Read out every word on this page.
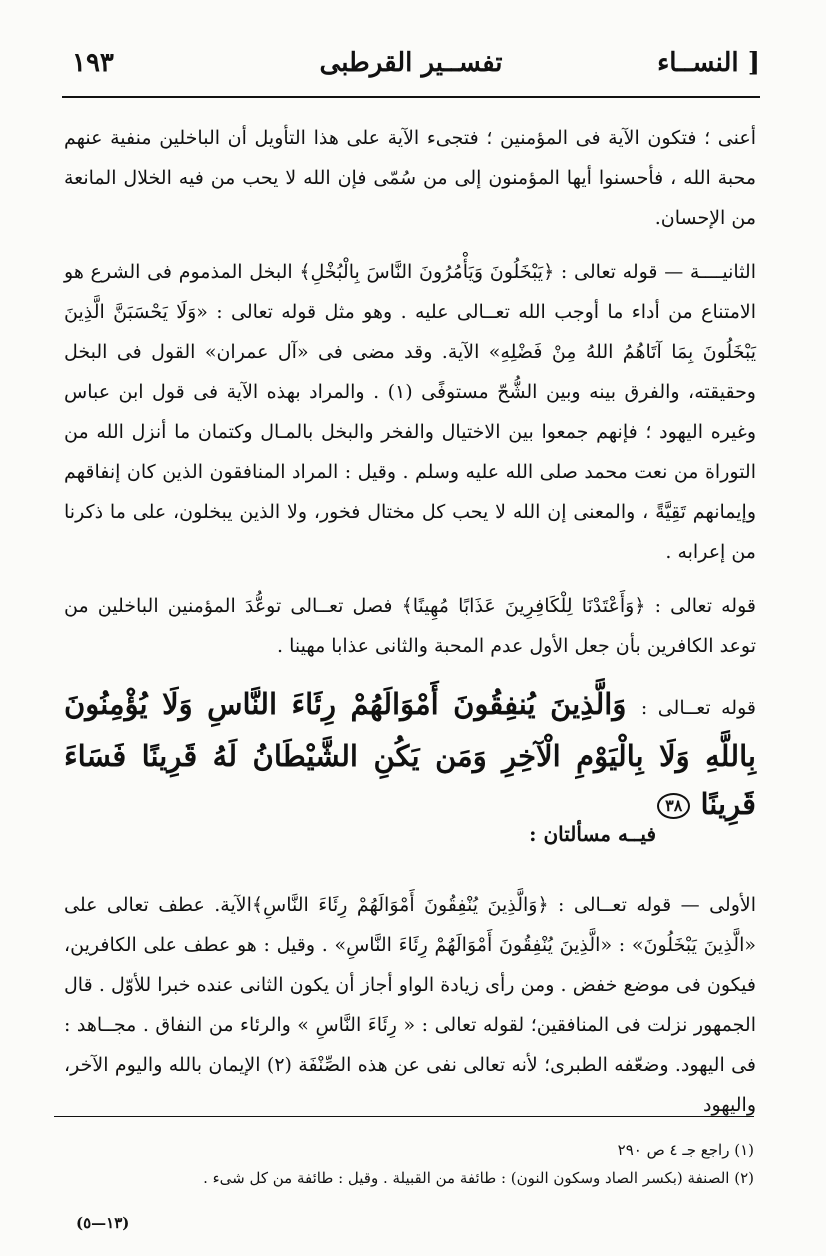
النســاء ]
تفســير القرطبى
١٩٣

أعنى ؛ فتكون الآية فى المؤمنين ؛ فتجىء الآية على هذا التأويل أن الباخلين منفية عنهم محبة الله ، فأحسنوا أيها المؤمنون إلى من سُمّى فإن الله لا يحب من فيه الخلال المانعة من الإحسان.

الثانيــــة — قوله تعالى : ﴿يَبْخَلُونَ وَيَأْمُرُونَ النَّاسَ بِالْبُخْلِ﴾ البخل المذموم فى الشرع هو الامتناع من أداء ما أوجب الله تعــالى عليه . وهو مثل قوله تعالى : «وَلَا يَحْسَبَنَّ الَّذِينَ يَبْخَلُونَ بِمَا آتَاهُمُ اللهُ مِنْ فَضْلِهِ» الآية. وقد مضى فى «آل عمران» القول فى البخل وحقيقته، والفرق بينه وبين الشُّحّ مستوفًى (١) . والمراد بهذه الآية فى قول ابن عباس وغيره اليهود ؛ فإنهم جمعوا بين الاختيال والفخر والبخل بالمـال وكتمان ما أنزل الله من التوراة من نعت محمد صلى الله عليه وسلم . وقيل : المراد المنافقون الذين كان إنفاقهم وإيمانهم تَقِيَّةً ، والمعنى إن الله لا يحب كل مختال فخور، ولا الذين يبخلون، على ما ذكرنا من إعرابه .

قوله تعالى : ﴿وَأَعْتَدْنَا لِلْكَافِرِينَ عَذَابًا مُهِينًا﴾ فصل تعــالى توعُّدَ المؤمنين الباخلين من توعد الكافرين بأن جعل الأول عدم المحبة والثانى عذابا مهينا .

قوله تعــالى : وَالَّذِينَ يُنفِقُونَ أَمْوَالَهُمْ رِئَاءَ النَّاسِ وَلَا يُؤْمِنُونَ بِاللَّهِ وَلَا بِالْيَوْمِ الْآخِرِ وَمَن يَكُنِ الشَّيْطَانُ لَهُ قَرِينًا فَسَاءَ قَرِينًا ٣٨
فيــه مسألتان :

الأولى — قوله تعــالى : ﴿وَالَّذِينَ يُنْفِقُونَ أَمْوَالَهُمْ رِئَاءَ النَّاسِ﴾الآية. عطف تعالى على «الَّذِينَ يَبْخَلُونَ» : «الَّذِينَ يُنْفِقُونَ أَمْوَالَهُمْ رِئَاءَ النَّاسِ» . وقيل : هو عطف على الكافرين، فيكون فى موضع خفض . ومن رأى زيادة الواو أجاز أن يكون الثانى عنده خبرا للأوّل . قال الجمهور نزلت فى المنافقين؛ لقوله تعالى : « رِئَاءَ النَّاسِ » والرئاء من النفاق . مجــاهد : فى اليهود. وضعّفه الطبرى؛ لأنه تعالى نفى عن هذه الصِّنْفَة (٢) الإيمان بالله واليوم الآخر، واليهود

(١) راجع جـ ٤ ص ٢٩٠
(٢) الصنفة (بكسر الصاد وسكون النون) : طائفة من القبيلة . وقيل : طائفة من كل شىء .
(١٣—٥)
